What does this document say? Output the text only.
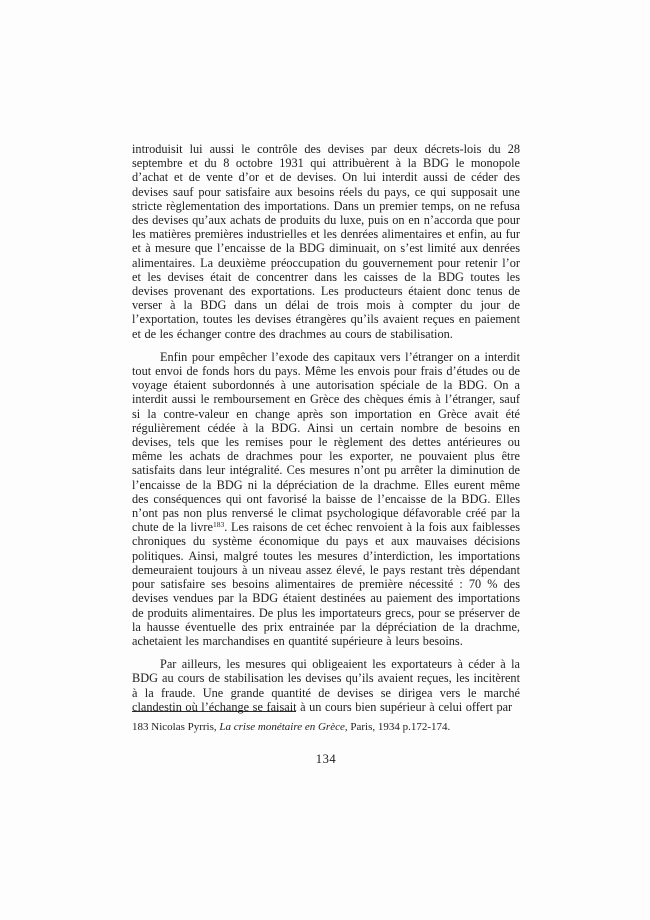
introduisit lui aussi le contrôle des devises par deux décrets-lois du 28 septembre et du 8 octobre 1931 qui attribuèrent à la BDG le monopole d’achat et de vente d’or et de devises. On lui interdit aussi de céder des devises sauf pour satisfaire aux besoins réels du pays, ce qui supposait une stricte règlementation des importations. Dans un premier temps, on ne refusa des devises qu’aux achats de produits du luxe, puis on en n’accorda que pour les matières premières industrielles et les denrées alimentaires et enfin, au fur et à mesure que l’encaisse de la BDG diminuait, on s’est limité aux denrées alimentaires. La deuxième préoccupation du gouvernement pour retenir l’or et les devises était de concentrer dans les caisses de la BDG toutes les devises provenant des exportations. Les producteurs étaient donc tenus de verser à la BDG dans un délai de trois mois à compter du jour de l’exportation, toutes les devises étrangères qu’ils avaient reçues en paiement et de les échanger contre des drachmes au cours de stabilisation.

Enfin pour empêcher l’exode des capitaux vers l’étranger on a interdit tout envoi de fonds hors du pays. Même les envois pour frais d’études ou de voyage étaient subordonnés à une autorisation spéciale de la BDG. On a interdit aussi le remboursement en Grèce des chèques émis à l’étranger, sauf si la contre-valeur en change après son importation en Grèce avait été régulièrement cédée à la BDG. Ainsi un certain nombre de besoins en devises, tels que les remises pour le règlement des dettes antérieures ou même les achats de drachmes pour les exporter, ne pouvaient plus être satisfaits dans leur intégralité. Ces mesures n’ont pu arrêter la diminution de l’encaisse de la BDG ni la dépréciation de la drachme. Elles eurent même des conséquences qui ont favorisé la baisse de l’encaisse de la BDG. Elles n’ont pas non plus renversé le climat psychologique défavorable créé par la chute de la livre$^{183}$. Les raisons de cet échec renvoient à la fois aux faiblesses chroniques du système économique du pays et aux mauvaises décisions politiques. Ainsi, malgré toutes les mesures d’interdiction, les importations demeuraient toujours à un niveau assez élevé, le pays restant très dépendant pour satisfaire ses besoins alimentaires de première nécessité : 70 % des devises vendues par la BDG étaient destinées au paiement des importations de produits alimentaires. De plus les importateurs grecs, pour se préserver de la hausse éventuelle des prix entrainée par la dépréciation de la drachme, achetaient les marchandises en quantité supérieure à leurs besoins.

Par ailleurs, les mesures qui obligeaient les exportateurs à céder à la BDG au cours de stabilisation les devises qu’ils avaient reçues, les incitèrent à la fraude. Une grande quantité de devises se dirigea vers le marché clandestin où l’échange se faisait à un cours bien supérieur à celui offert par

183 Nicolas Pyrris, La crise monétaire en Grèce, Paris, 1934 p.172-174.

134
